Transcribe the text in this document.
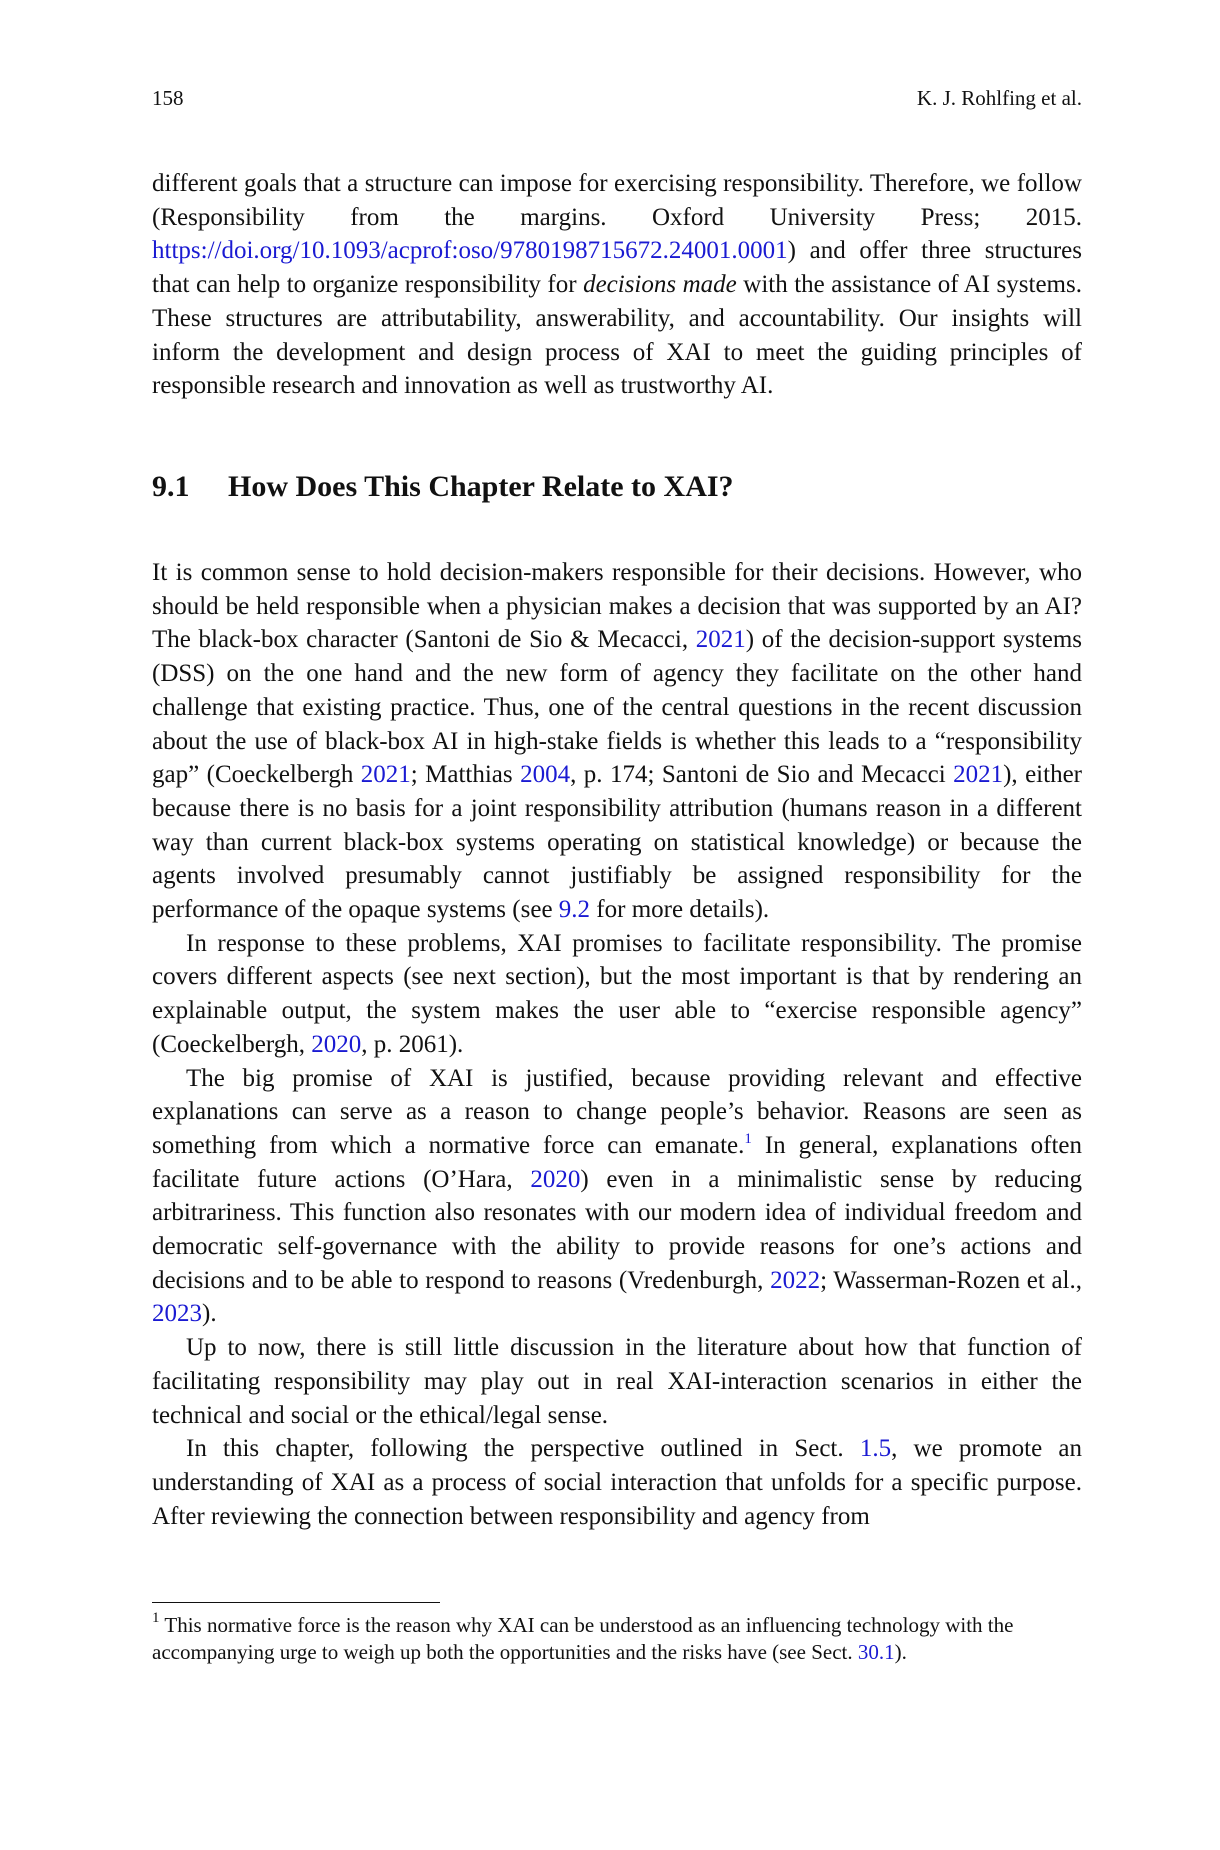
158	K. J. Rohlfing et al.

different goals that a structure can impose for exercising responsibility. Therefore, we follow (Responsibility from the margins. Oxford University Press; 2015. https://doi.org/10.1093/acprof:oso/9780198715672.24001.0001) and offer three structures that can help to organize responsibility for decisions made with the assistance of AI systems. These structures are attributability, answerability, and accountability. Our insights will inform the development and design process of XAI to meet the guiding principles of responsible research and innovation as well as trustworthy AI.

9.1 How Does This Chapter Relate to XAI?

It is common sense to hold decision-makers responsible for their decisions. However, who should be held responsible when a physician makes a decision that was supported by an AI? The black-box character (Santoni de Sio & Mecacci, 2021) of the decision-support systems (DSS) on the one hand and the new form of agency they facilitate on the other hand challenge that existing practice. Thus, one of the central questions in the recent discussion about the use of black-box AI in high-stake fields is whether this leads to a “responsibility gap” (Coeckelbergh 2021; Matthias 2004, p. 174; Santoni de Sio and Mecacci 2021), either because there is no basis for a joint responsibility attribution (humans reason in a different way than current black-box systems operating on statistical knowledge) or because the agents involved presumably cannot justifiably be assigned responsibility for the performance of the opaque systems (see 9.2 for more details).

In response to these problems, XAI promises to facilitate responsibility. The promise covers different aspects (see next section), but the most important is that by rendering an explainable output, the system makes the user able to “exercise responsible agency” (Coeckelbergh, 2020, p. 2061).

The big promise of XAI is justified, because providing relevant and effective explanations can serve as a reason to change people’s behavior. Reasons are seen as something from which a normative force can emanate.$^1$ In general, explanations often facilitate future actions (O’Hara, 2020) even in a minimalistic sense by reducing arbitrariness. This function also resonates with our modern idea of individual freedom and democratic self-governance with the ability to provide reasons for one’s actions and decisions and to be able to respond to reasons (Vredenburgh, 2022; Wasserman-Rozen et al., 2023).

Up to now, there is still little discussion in the literature about how that function of facilitating responsibility may play out in real XAI-interaction scenarios in either the technical and social or the ethical/legal sense.

In this chapter, following the perspective outlined in Sect. 1.5, we promote an understanding of XAI as a process of social interaction that unfolds for a specific purpose. After reviewing the connection between responsibility and agency from

$^1$ This normative force is the reason why XAI can be understood as an influencing technology with the accompanying urge to weigh up both the opportunities and the risks have (see Sect. 30.1).
